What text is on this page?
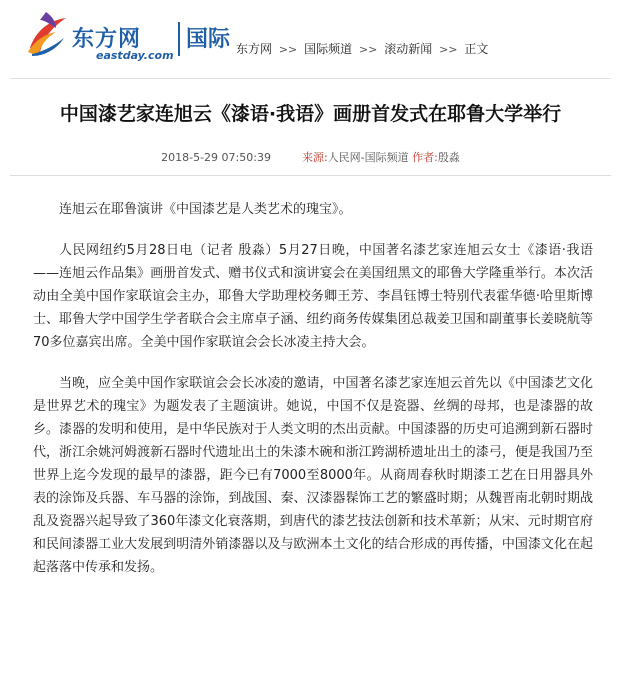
东方网
eastday.com
国际 东方网 >> 国际频道 >> 滚动新闻 >> 正文
中国漆艺家连旭云《漆语·我语》画册首发式在耶鲁大学举行
2018-5-29 07:50:39	来源:人民网-国际频道 作者:殷淼

连旭云在耶鲁演讲《中国漆艺是人类艺术的瑰宝》。

人民网纽约5月28日电（记者 殷淼）5月27日晚，中国著名漆艺家连旭云女士《漆语·我语——连旭云作品集》画册首发式、赠书仪式和演讲宴会在美国纽黑文的耶鲁大学隆重举行。本次活动由全美中国作家联谊会主办，耶鲁大学助理校务卿王芳、李昌钰博士特别代表霍华德·哈里斯博士、耶鲁大学中国学生学者联合会主席卓子涵、纽约商务传媒集团总裁姜卫国和副董事长姜晓航等70多位嘉宾出席。全美中国作家联谊会会长冰凌主持大会。

当晚，应全美中国作家联谊会会长冰凌的邀请，中国著名漆艺家连旭云首先以《中国漆艺文化是世界艺术的瑰宝》为题发表了主题演讲。她说，中国不仅是瓷器、丝绸的母邦，也是漆器的故乡。漆器的发明和使用，是中华民族对于人类文明的杰出贡献。中国漆器的历史可追溯到新石器时代，浙江余姚河姆渡新石器时代遗址出土的朱漆木碗和浙江跨湖桥遗址出土的漆弓，便是我国乃至世界上迄今发现的最早的漆器，距今已有7000至8000年。从商周春秋时期漆工艺在日用器具外表的涂饰及兵器、车马器的涂饰，到战国、秦、汉漆器髹饰工艺的繁盛时期；从魏晋南北朝时期战乱及瓷器兴起导致了360年漆文化衰落期，到唐代的漆艺技法创新和技术革新；从宋、元时期官府和民间漆器工业大发展到明清外销漆器以及与欧洲本土文化的结合形成的再传播，中国漆文化在起起落落中传承和发扬。
